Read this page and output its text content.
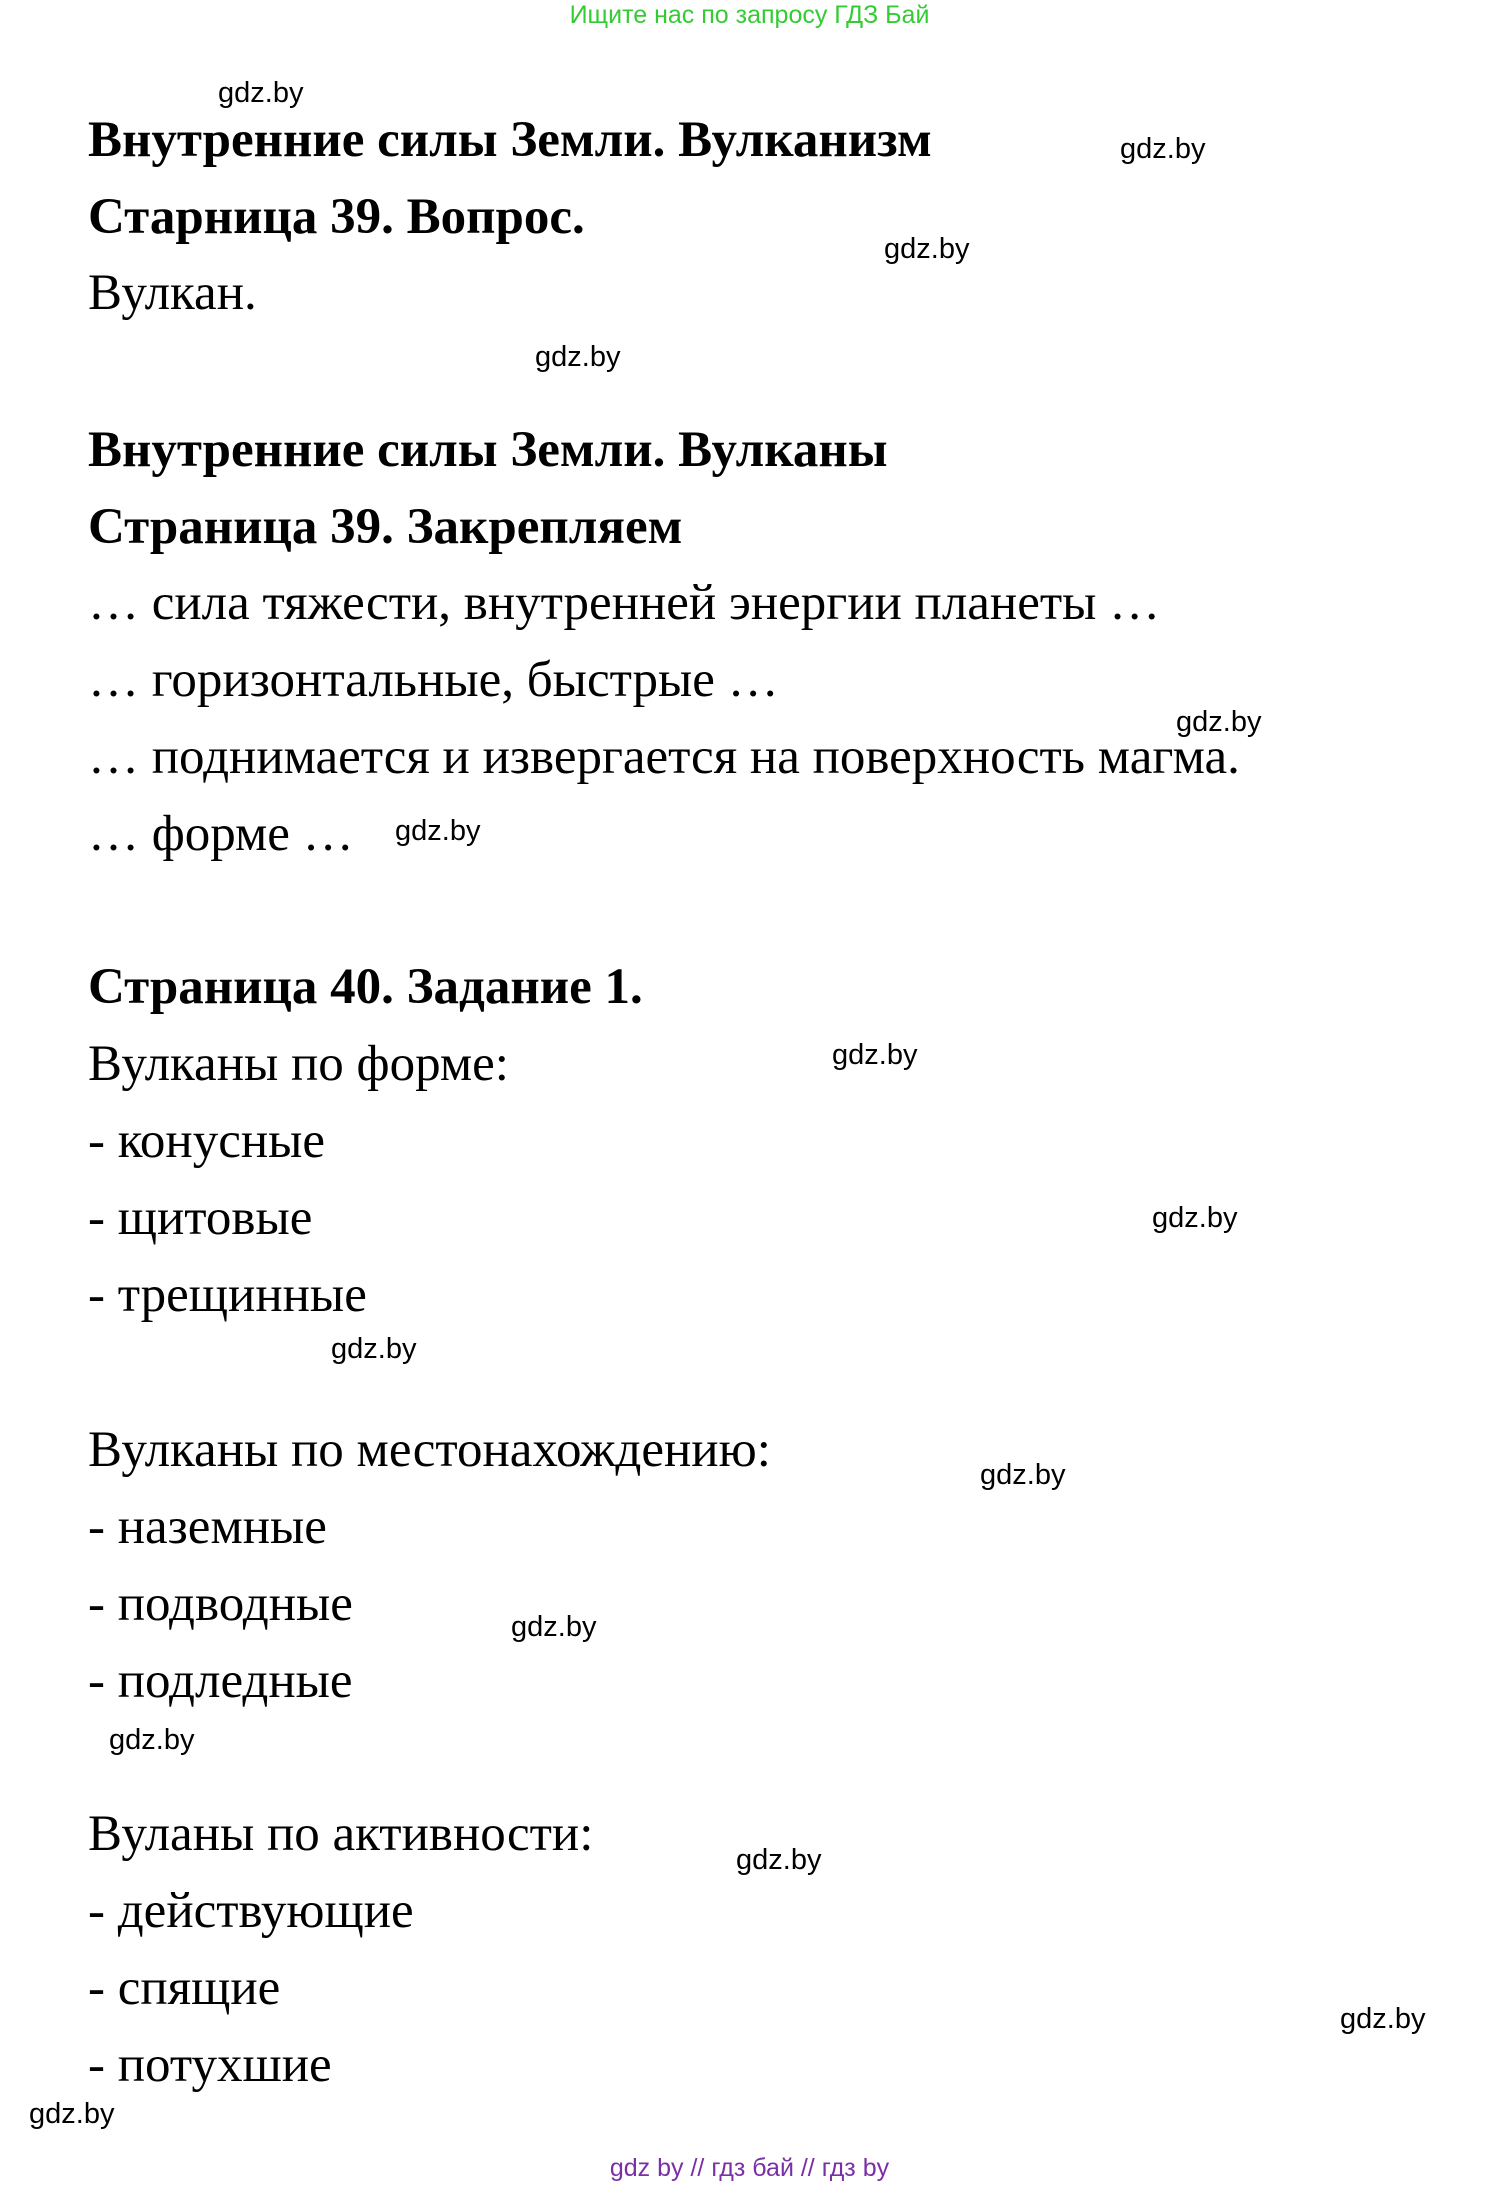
Ищите нас по запросу ГДЗ Бай
Внутренние силы Земли. Вулканизм
Старница 39. Вопрос.
Вулкан.
Внутренние силы Земли. Вулканы
Страница 39. Закрепляем
… сила тяжести, внутренней энергии планеты …
… горизонтальные, быстрые …
… поднимается и извергается на поверхность магма.
… форме …
Страница 40. Задание 1.
Вулканы по форме:
- конусные
- щитовые
- трещинные
Вулканы по местонахождению:
- наземные
- подводные
- подледные
Вуланы по активности:
- действующие
- спящие
- потухшие
gdz.by
gdz.by
gdz.by
gdz.by
gdz.by
gdz.by
gdz.by
gdz.by
gdz.by
gdz.by
gdz.by
gdz.by
gdz.by
gdz.by
gdz.by
gdz by // гдз бай // гдз by
